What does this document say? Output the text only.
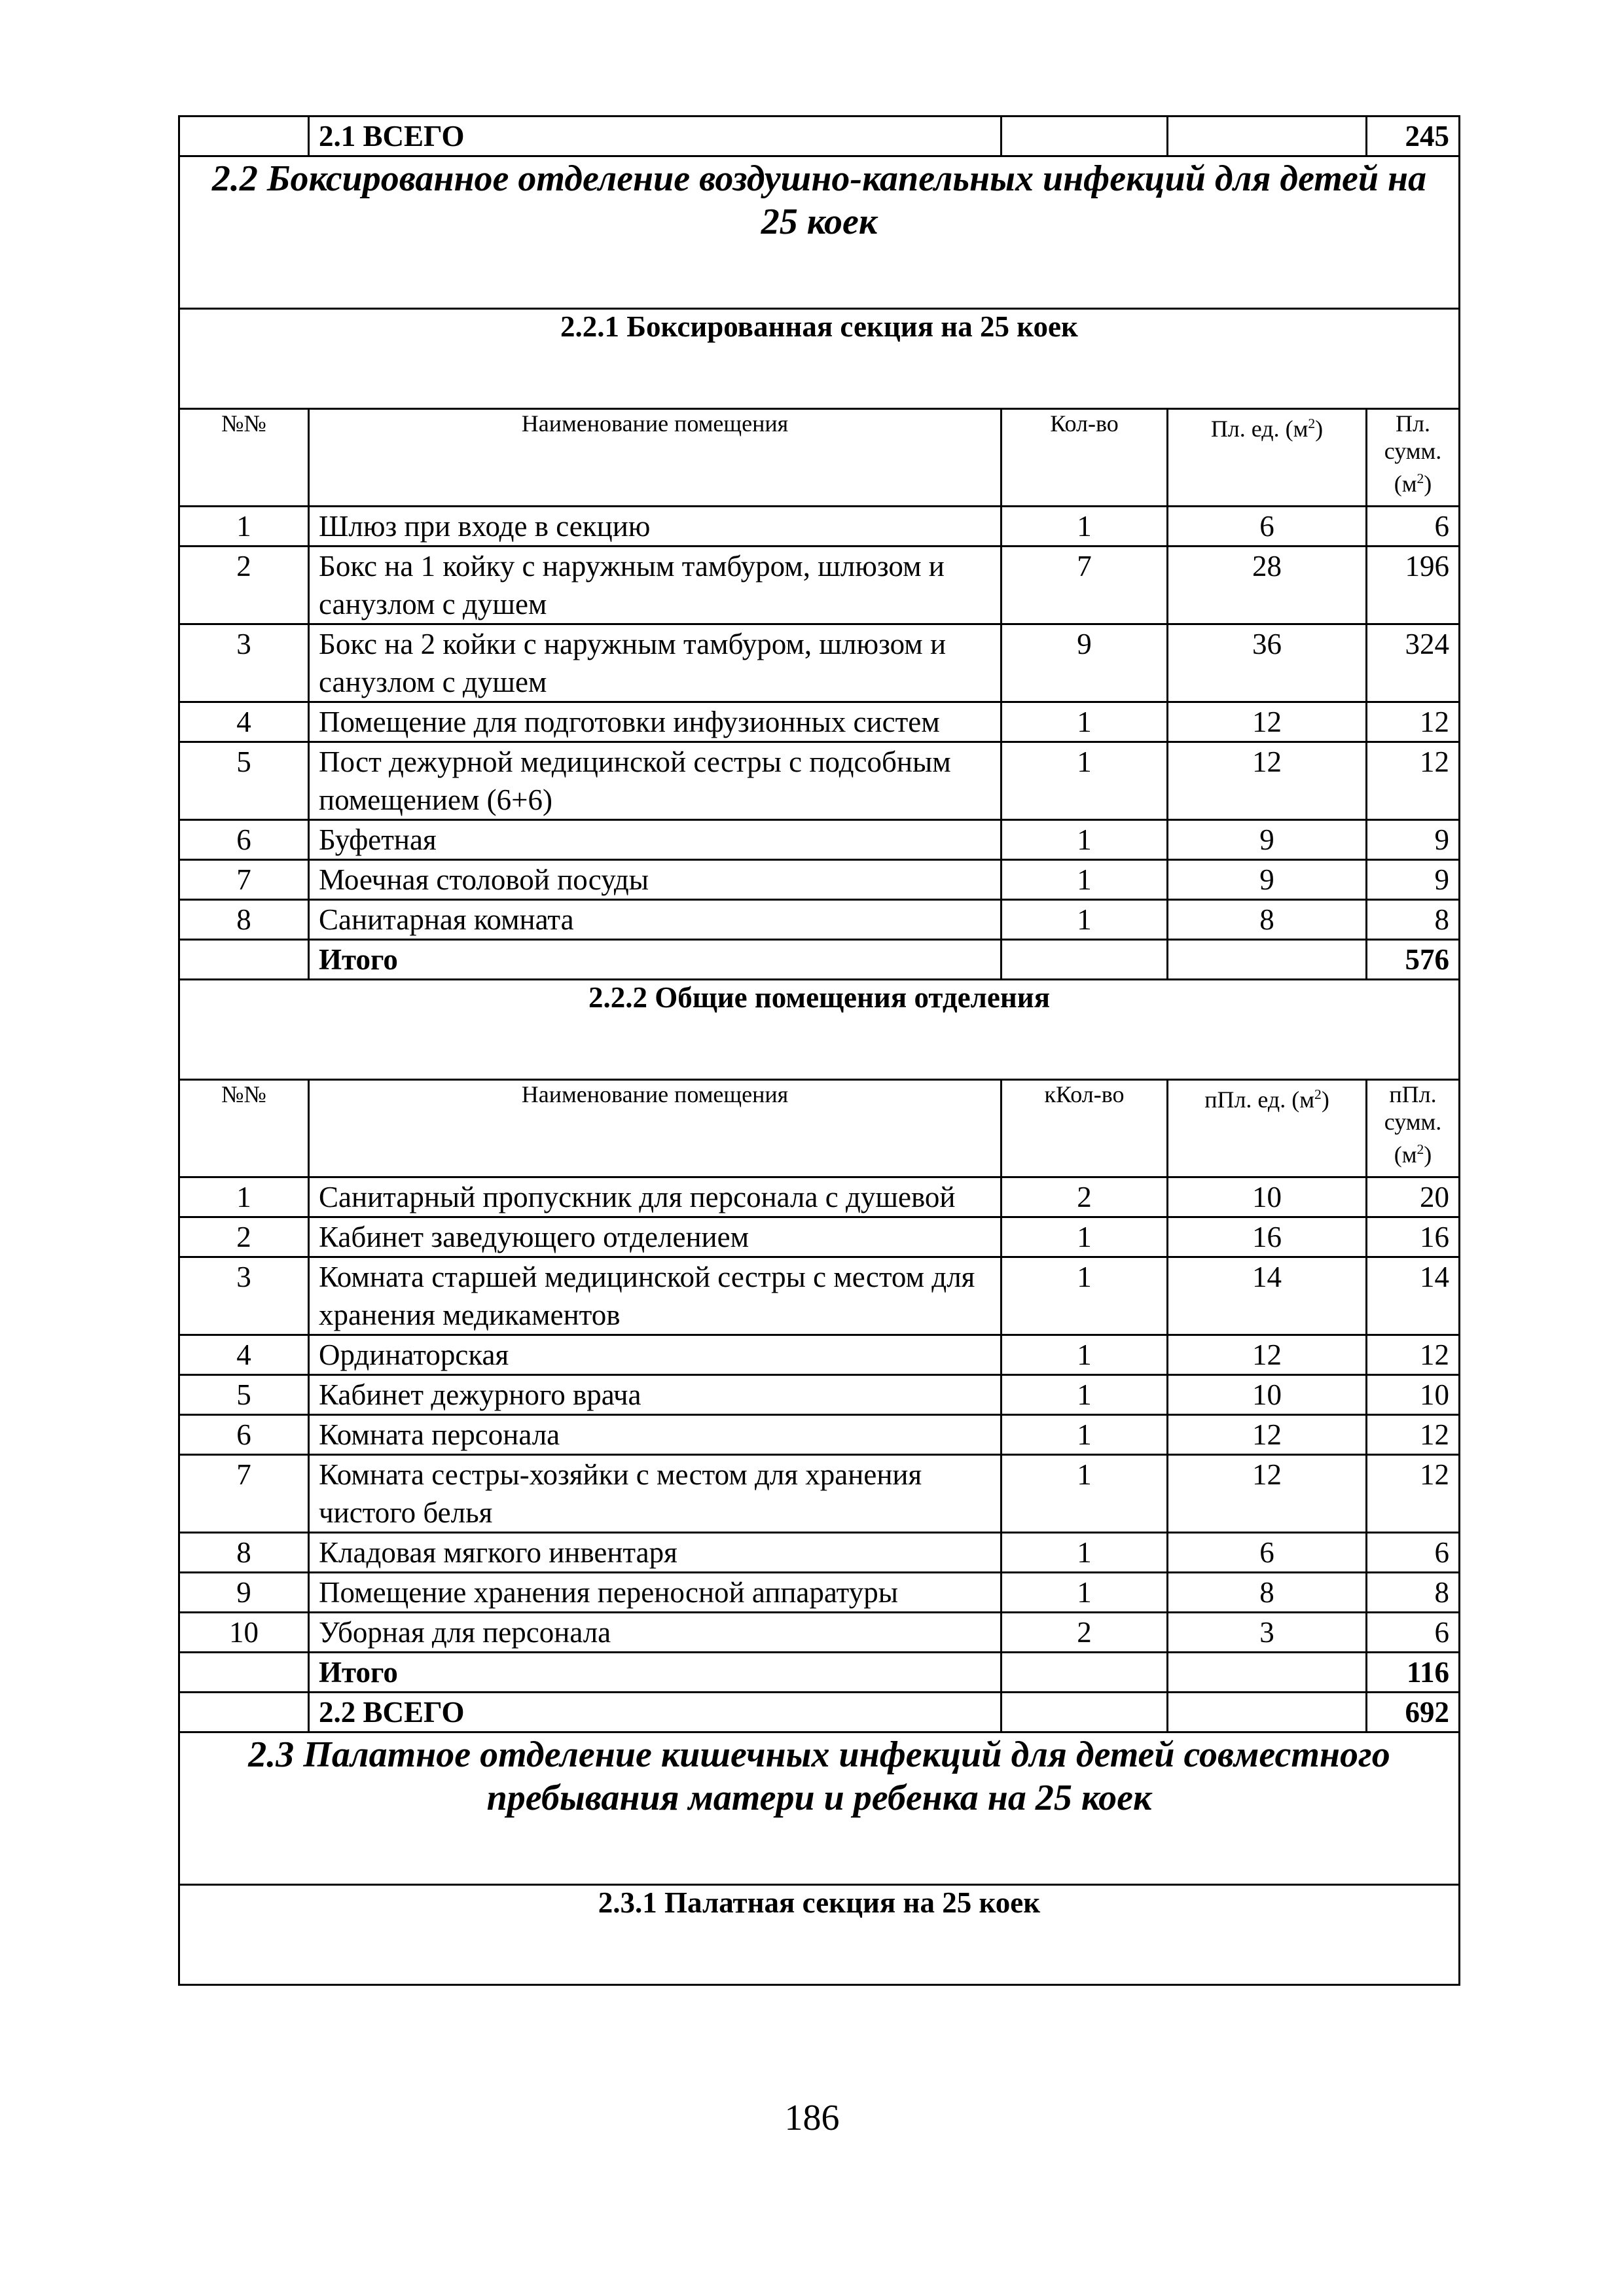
	2.1 ВСЕГО			245
2.2 Боксированное отделение воздушно-капельных инфекций для детей на 25 коек				
2.2.1 Боксированная секция на 25 коек				
№№	Наименование помещения	Кол-во	Пл. ед. $(м^2)$	Пл. сумм. $(м^2)$
1	Шлюз при входе в секцию	1	6	6
2	Бокс на 1 койку с наружным тамбуром, шлюзом и санузлом с душем	7	28	196
3	Бокс на 2 койки с наружным тамбуром, шлюзом и санузлом с душем	9	36	324
4	Помещение для подготовки инфузионных систем	1	12	12
5	Пост дежурной медицинской сестры с подсобным помещением (6+6)	1	12	12
6	Буфетная	1	9	9
7	Моечная столовой посуды	1	9	9
8	Санитарная комната	1	8	8
	Итого			576
2.2.2 Общие помещения отделения				
№№	Наименование помещения	кКол-во	пПл. ед. $(м^2)$	пПл. сумм. $(м^2)$
1	Санитарный пропускник для персонала с душевой	2	10	20
2	Кабинет заведующего отделением	1	16	16
3	Комната старшей медицинской сестры с местом для хранения медикаментов	1	14	14
4	Ординаторская	1	12	12
5	Кабинет дежурного врача	1	10	10
6	Комната персонала	1	12	12
7	Комната сестры-хозяйки с местом для хранения чистого белья	1	12	12
8	Кладовая мягкого инвентаря	1	6	6
9	Помещение хранения переносной аппаратуры	1	8	8
10	Уборная для персонала	2	3	6
	Итого			116
	2.2 ВСЕГО			692
2.3 Палатное отделение кишечных инфекций для детей совместного пребывания матери и ребенка на 25 коек				
2.3.1 Палатная секция на 25 коек				
186
